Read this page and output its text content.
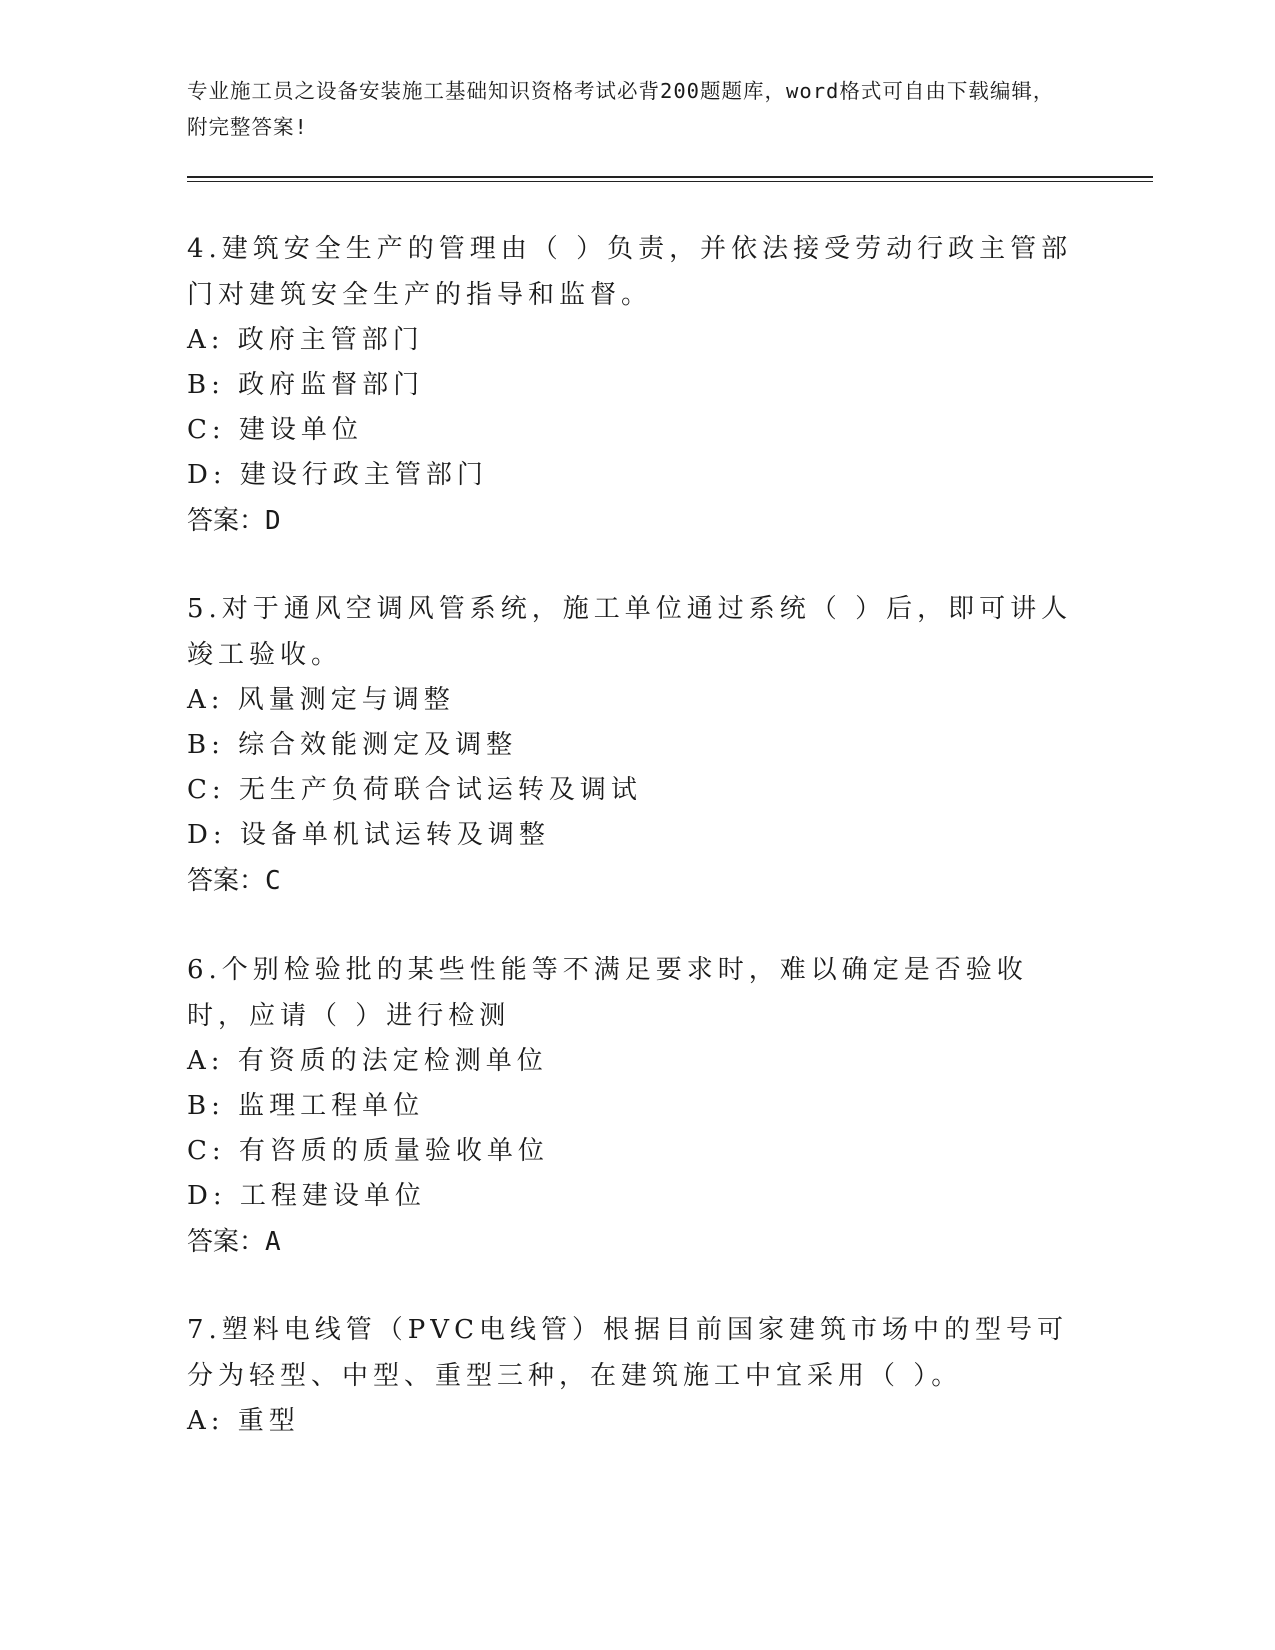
专业施工员之设备安装施工基础知识资格考试必背200题题库，word格式可自由下载编辑，附完整答案!

4.建筑安全生产的管理由（ ）负责，并依法接受劳动行政主管部门对建筑安全生产的指导和监督。

A: 政府主管部门

B: 政府监督部门

C: 建设单位

D: 建设行政主管部门

答案：D

5.对于通风空调风管系统，施工单位通过系统（ ）后，即可讲人竣工验收。

A: 风量测定与调整

B: 综合效能测定及调整

C: 无生产负荷联合试运转及调试

D: 设备单机试运转及调整

答案：C

6.个别检验批的某些性能等不满足要求时，难以确定是否验收时，应请（ ）进行检测

A: 有资质的法定检测单位

B: 监理工程单位

C: 有咨质的质量验收单位

D: 工程建设单位

答案：A

7.塑料电线管（PVC电线管）根据目前国家建筑市场中的型号可分为轻型、中型、重型三种，在建筑施工中宜采用（ ）。

A: 重型
